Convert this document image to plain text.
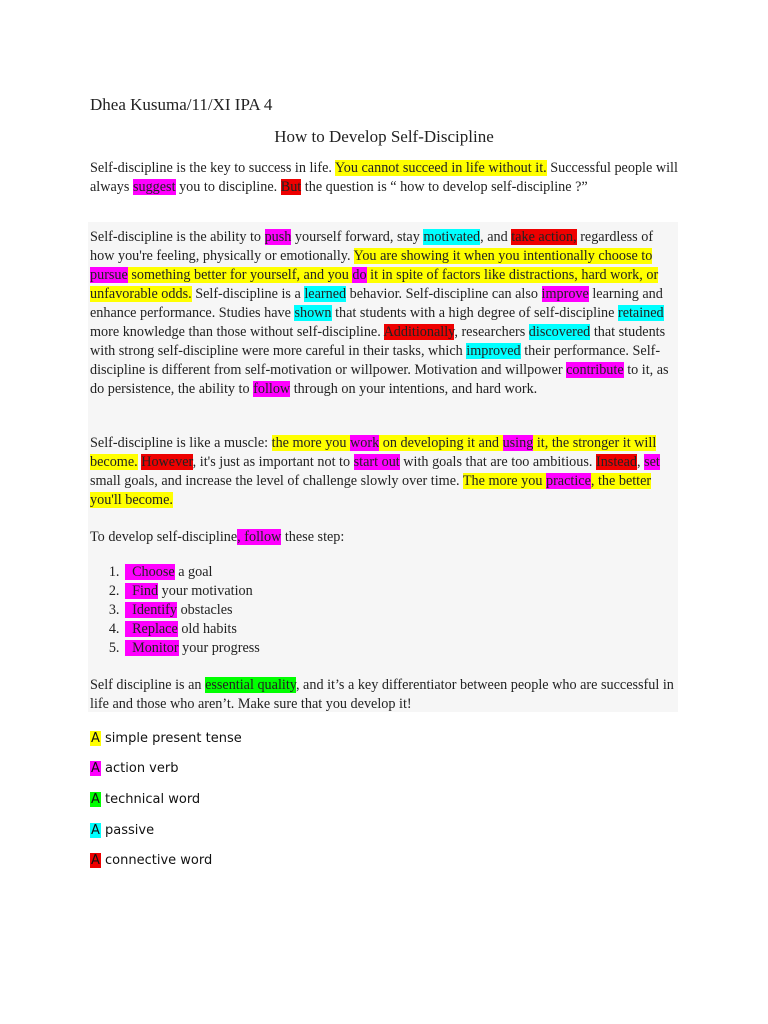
Dhea Kusuma/11/XI IPA 4
How to Develop Self-Discipline
Self-discipline is the key to success in life. You cannot succeed in life without it. Successful people will always suggest you to discipline. But the question is “ how to develop self-discipline ?”
Self-discipline is the ability to push yourself forward, stay motivated, and take action, regardless of how you're feeling, physically or emotionally. You are showing it when you intentionally choose to pursue something better for yourself, and you do it in spite of factors like distractions, hard work, or unfavorable odds. Self-discipline is a learned behavior. Self-discipline can also improve learning and enhance performance. Studies have shown that students with a high degree of self-discipline retained more knowledge than those without self-discipline. Additionally, researchers discovered that students with strong self-discipline were more careful in their tasks, which improved their performance. Self-discipline is different from self-motivation or willpower. Motivation and willpower contribute to it, as do persistence, the ability to follow through on your intentions, and hard work.
Self-discipline is like a muscle: the more you work on developing it and using it, the stronger it will become. However, it's just as important not to start out with goals that are too ambitious. Instead, set small goals, and increase the level of challenge slowly over time. The more you practice, the better you'll become.
To develop self-discipline, follow these step:
1.   Choose a goal
2.   Find your motivation
3.   Identify obstacles
4.   Replace old habits
5.   Monitor your progress
Self discipline is an essential quality, and it’s a key differentiator between people who are successful in life and those who aren’t. Make sure that you develop it!
A simple present tense
A action verb
A technical word
A passive
A connective word
